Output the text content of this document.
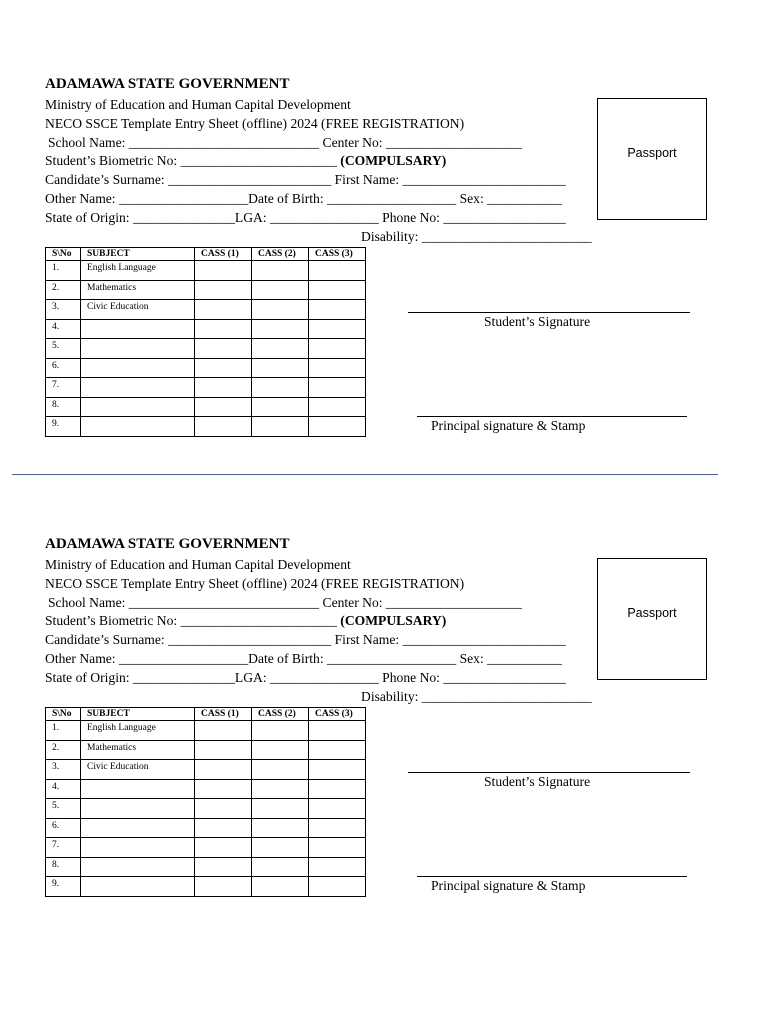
ADAMAWA STATE GOVERNMENT
Ministry of Education and Human Capital Development
NECO SSCE Template Entry Sheet (offline) 2024 (FREE REGISTRATION)
School Name: ____________________________ Center No: ____________________
Student’s Biometric No: _______________________ (COMPULSARY)
Candidate’s Surname: ________________________ First Name: ________________________
Other Name: ___________________Date of Birth: ___________________ Sex: ___________
State of Origin: _______________LGA: ________________ Phone No: __________________
Disability: _________________________
Passport
S\No	SUBJECT	CASS (1)	CASS (2)	CASS (3)
1.	English Language			
2.	Mathematics			
3.	Civic Education			
4.				
5.				
6.				
7.				
8.				
9.				
Student’s Signature
Principal signature & Stamp
ADAMAWA STATE GOVERNMENT
Ministry of Education and Human Capital Development
NECO SSCE Template Entry Sheet (offline) 2024 (FREE REGISTRATION)
School Name: ____________________________ Center No: ____________________
Student’s Biometric No: _______________________ (COMPULSARY)
Candidate’s Surname: ________________________ First Name: ________________________
Other Name: ___________________Date of Birth: ___________________ Sex: ___________
State of Origin: _______________LGA: ________________ Phone No: __________________
Disability: _________________________
Passport
S\No	SUBJECT	CASS (1)	CASS (2)	CASS (3)
1.	English Language			
2.	Mathematics			
3.	Civic Education			
4.				
5.				
6.				
7.				
8.				
9.				
Student’s Signature
Principal signature & Stamp
